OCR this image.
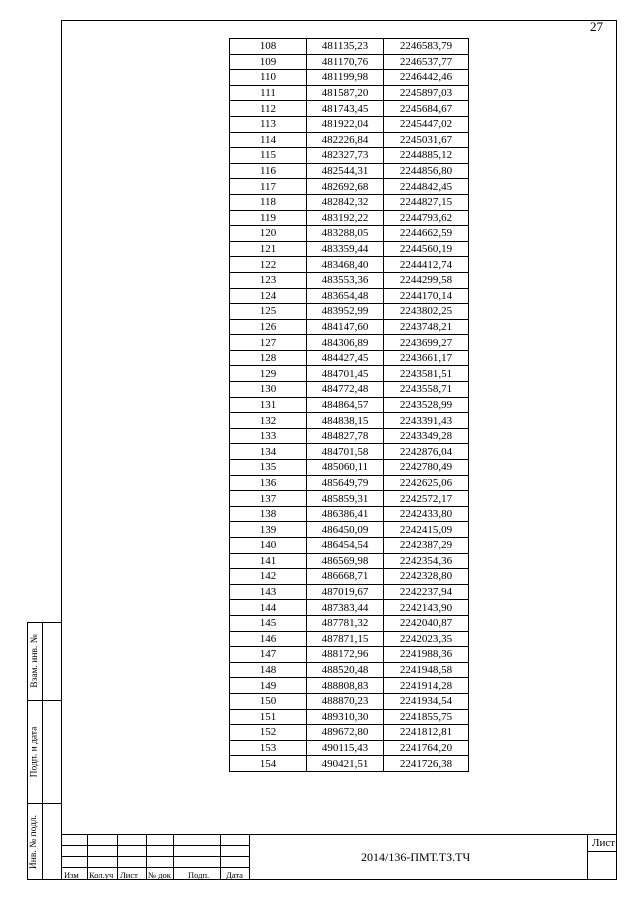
27
108	481135,23	2246583,79
109	481170,76	2246537,77
110	481199,98	2246442,46
111	481587,20	2245897,03
112	481743,45	2245684,67
113	481922,04	2245447,02
114	482226,84	2245031,67
115	482327,73	2244885,12
116	482544,31	2244856,80
117	482692,68	2244842,45
118	482842,32	2244827,15
119	483192,22	2244793,62
120	483288,05	2244662,59
121	483359,44	2244560,19
122	483468,40	2244412,74
123	483553,36	2244299,58
124	483654,48	2244170,14
125	483952,99	2243802,25
126	484147,60	2243748,21
127	484306,89	2243699,27
128	484427,45	2243661,17
129	484701,45	2243581,51
130	484772,48	2243558,71
131	484864,57	2243528,99
132	484838,15	2243391,43
133	484827,78	2243349,28
134	484701,58	2242876,04
135	485060,11	2242780,49
136	485649,79	2242625,06
137	485859,31	2242572,17
138	486386,41	2242433,80
139	486450,09	2242415,09
140	486454,54	2242387,29
141	486569,98	2242354,36
142	486668,71	2242328,80
143	487019,67	2242237,94
144	487383,44	2242143,90
145	487781,32	2242040,87
146	487871,15	2242023,35
147	488172,96	2241988,36
148	488520,48	2241948,58
149	488808,83	2241914,28
150	488870,23	2241934,54
151	489310,30	2241855,75
152	489672,80	2241812,81
153	490115,43	2241764,20
154	490421,51	2241726,38
Взам. инв. №
Подп. и дата
Инв. № подл.
Изм Кол.уч Лист № док Подп. Дата
2014/136-ПМТ.ТЗ.ТЧ
Лист
